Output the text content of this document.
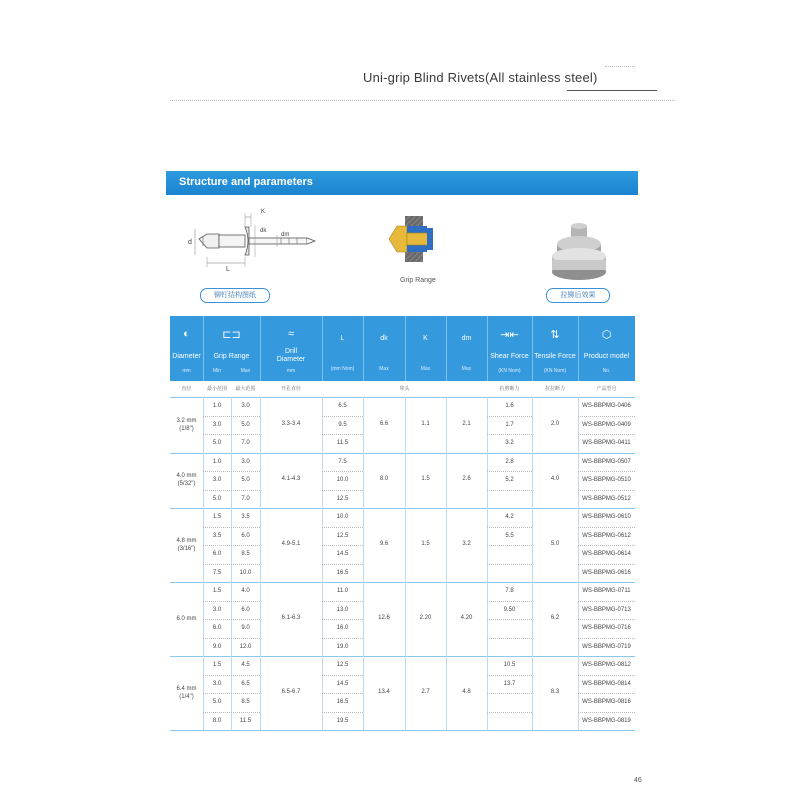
Uni-grip Blind Rivets(All stainless steel)
Structure and parameters
d
L
K
dk
dm
铆钉结构图纸
Grip Range
拉铆后效果
◐	⊏⊐	≈	⇥⇤	⇅	⬡
Diameter
mm
Grip Range
Min	Max
Drill Diameter
mm
L
(mm Nom)
dk
Max
K
Max
dm
Max
Shear Force
(KN Nom)
Tensile Force
(KN Nom)
Product model
No.
直径	最小范围	最大范围	开孔直径	卯头	抗剪断力	抗拉断力	产品型号
3.2 mm
(1/8")
3.3-3.4	6.6	1.1	2.1	2.0
1.0	3.0	6.5	1.6	WS-BBPMG-0406
3.0	5.0	9.5	1.7	WS-BBPMG-0409
5.0	7.0	11.5	3.2	WS-BBPMG-0411
4.0 mm
(5/32")
4.1-4.3	8.0	1.5	2.6	4.0
1.0	3.0	7.5	2.8	WS-BBPMG-0507
3.0	5.0	10.0	5.2	WS-BBPMG-0510
5.0	7.0	12.5	WS-BBPMG-0512
4.8 mm
(3/16")
4.9-5.1	9.6	1.5	3.2	5.0
1.5	3.5	10.0	4.2	WS-BBPMG-0610
3.5	6.0	12.5	5.5	WS-BBPMG-0612
6.0	8.5	14.5	WS-BBPMG-0614
7.5	10.0	16.5	WS-BBPMG-0616
6.0 mm	6.1-6.3	12.6	2.20	4.20	6.2
1.5	4.0	11.0	7.8	WS-BBPMG-0711
3.0	6.0	13.0	9.50	WS-BBPMG-0713
6.0	9.0	16.0	WS-BBPMG-0716
9.0	12.0	19.0	WS-BBPMG-0719
6.4 mm
(1/4")
6.5-6.7	13.4	2.7	4.8	8.3
1.5	4.5	12.5	10.5	WS-BBPMG-0812
3.0	6.5	14.5	13.7	WS-BBPMG-0814
5.0	8.5	16.5	WS-BBPMG-0816
8.0	11.5	19.5	WS-BBPMG-0819
46
